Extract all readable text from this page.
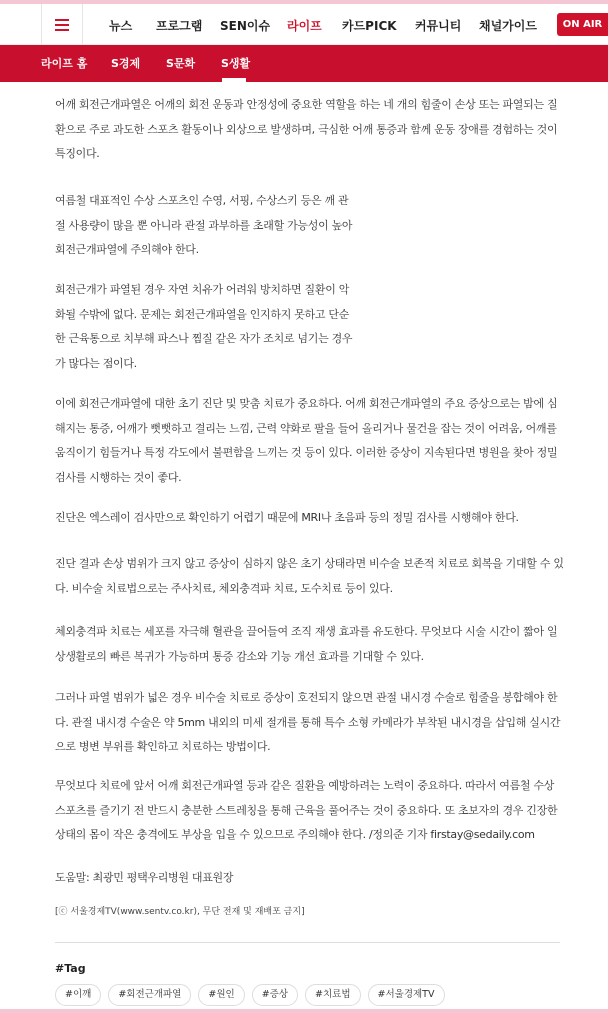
뉴스 프로그램 SEN이슈 라이프 카드PICK 커뮤니티 채널가이드	ON AIR
라이프 홈 S경제 S문화 S생활
어깨 회전근개파열은 어깨의 회전 운동과 안정성에 중요한 역할을 하는 네 개의 힘줄이 손상 또는 파열되는 질환으로 주로 과도한 스포츠 활동이나 외상으로 발생하며, 극심한 어깨 통증과 함께 운동 장애를 경험하는 것이 특징이다.
여름철 대표적인 수상 스포츠인 수영, 서핑, 수상스키 등은 깨 관절 사용량이 많을 뿐 아니라 관절 과부하를 초래할 가능성이 높아 회전근개파열에 주의해야 한다.
회전근개가 파열된 경우 자연 치유가 어려워 방치하면 질환이 악화될 수밖에 없다. 문제는 회전근개파열을 인지하지 못하고 단순한 근육통으로 치부해 파스나 찜질 같은 자가 조치로 넘기는 경우가 많다는 점이다.
이에 회전근개파열에 대한 초기 진단 및 맞춤 치료가 중요하다. 어깨 회전근개파열의 주요 증상으로는 밤에 심해지는 통증, 어깨가 뻣뻣하고 결리는 느낌, 근력 약화로 팔을 들어 올리거나 물건을 잡는 것이 어려움, 어깨를 움직이기 힘들거나 특정 각도에서 불편함을 느끼는 것 등이 있다. 이러한 증상이 지속된다면 병원을 찾아 정밀 검사를 시행하는 것이 좋다.
진단은 엑스레이 검사만으로 확인하기 어렵기 때문에 MRI나 초음파 등의 정밀 검사를 시행해야 한다.
진단 결과 손상 범위가 크지 않고 증상이 심하지 않은 초기 상태라면 비수술 보존적 치료로 회복을 기대할 수 있다. 비수술 치료법으로는 주사치료, 체외충격파 치료, 도수치료 등이 있다.
체외충격파 치료는 세포를 자극해 혈관을 끌어들여 조직 재생 효과를 유도한다. 무엇보다 시술 시간이 짧아 일상생활로의 빠른 복귀가 가능하며 통증 감소와 기능 개선 효과를 기대할 수 있다.
그러나 파열 범위가 넓은 경우 비수술 치료로 증상이 호전되지 않으면 관절 내시경 수술로 힘줄을 봉합해야 한다. 관절 내시경 수술은 약 5mm 내외의 미세 절개를 통해 특수 소형 카메라가 부착된 내시경을 삽입해 실시간으로 병변 부위를 확인하고 치료하는 방법이다.
무엇보다 치료에 앞서 어깨 회전근개파열 등과 같은 질환을 예방하려는 노력이 중요하다. 따라서 여름철 수상 스포츠를 즐기기 전 반드시 충분한 스트레칭을 통해 근육을 풀어주는 것이 중요하다. 또 초보자의 경우 긴장한 상태의 몸이 작은 충격에도 부상을 입을 수 있으므로 주의해야 한다. /정의준 기자 firstay@sedaily.com
도움말: 최광민 평택우리병원 대표원장
[ⓒ 서울경제TV(www.sentv.co.kr), 무단 전재 및 재배포 금지]
#Tag
#이깨	#회전근개파열	#원인	#증상	#치료법	#서울경제TV
